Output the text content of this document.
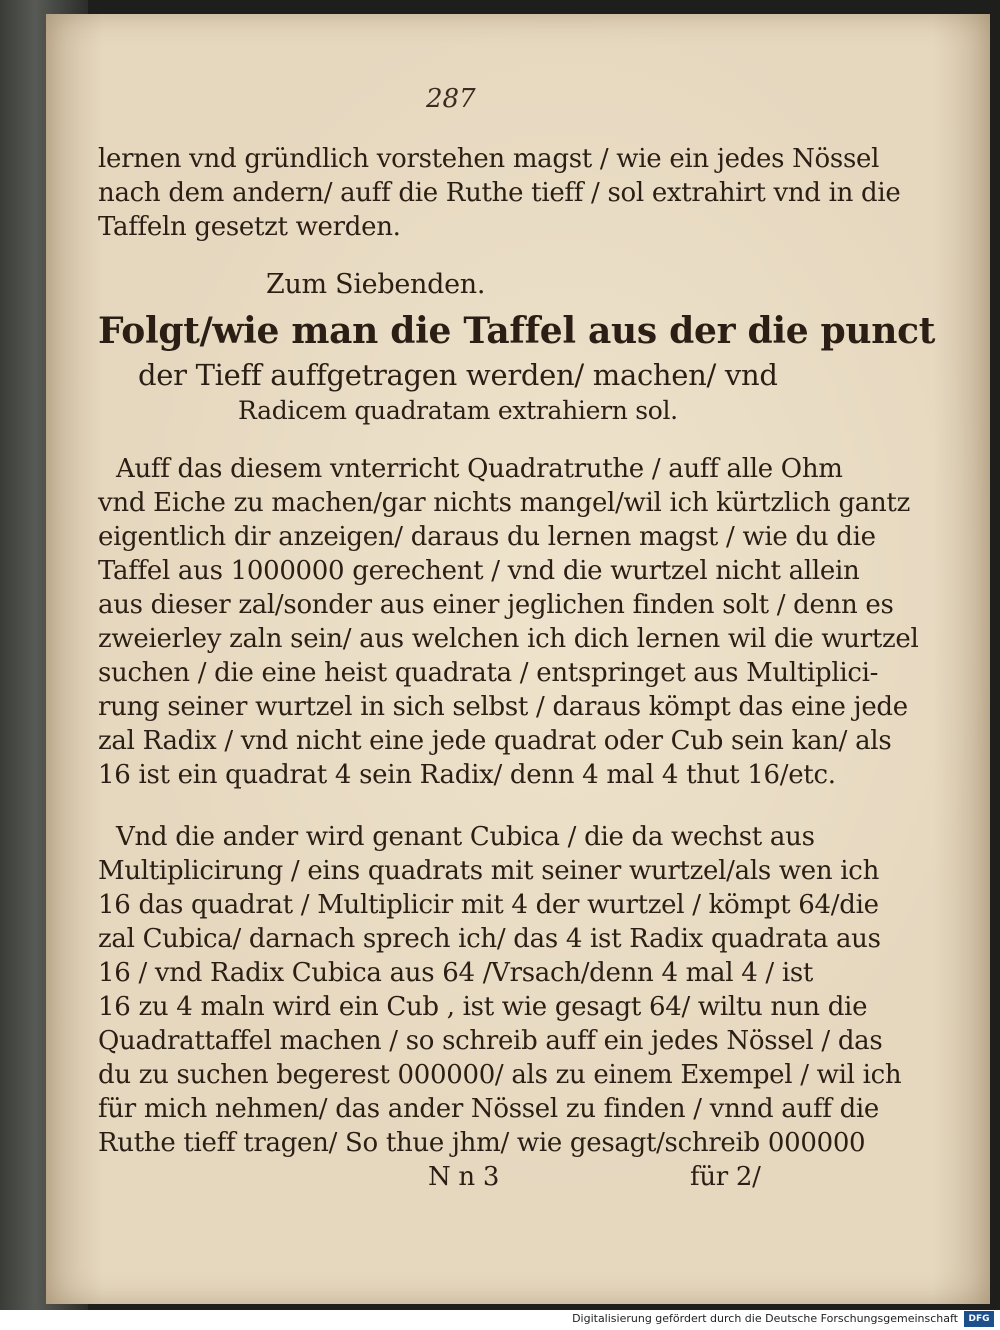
287
lernen vnd gründlich vorstehen magst / wie ein jedes Nössel
nach dem andern/ auff die Ruthe tieff / sol extrahirt vnd in die
Taffeln gesetzt werden.
Zum Siebenden.
Folgt/wie man die Taffel aus der die punct
der Tieff auffgetragen werden/ machen/ vnd
Radicem quadratam extrahiern sol.
Auff das diesem vnterricht Quadratruthe / auff alle Ohm
vnd Eiche zu machen/gar nichts mangel/wil ich kürtzlich gantz
eigentlich dir anzeigen/ daraus du lernen magst / wie du die
Taffel aus 1000000 gerechent / vnd die wurtzel nicht allein
aus dieser zal/sonder aus einer jeglichen finden solt / denn es
zweierley zaln sein/ aus welchen ich dich lernen wil die wurtzel
suchen / die eine heist quadrata / entspringet aus Multiplici-
rung seiner wurtzel in sich selbst / daraus kömpt das eine jede
zal Radix / vnd nicht eine jede quadrat oder Cub sein kan/ als
16 ist ein quadrat 4 sein Radix/ denn 4 mal 4 thut 16/etc.
Vnd die ander wird genant Cubica / die da wechst aus
Multiplicirung / eins quadrats mit seiner wurtzel/als wen ich
16 das quadrat / Multiplicir mit 4 der wurtzel / kömpt 64/die
zal Cubica/ darnach sprech ich/ das 4 ist Radix quadrata aus
16 / vnd Radix Cubica aus 64 /Vrsach/denn 4 mal 4 / ist
16 zu 4 maln wird ein Cub , ist wie gesagt 64/ wiltu nun die
Quadrattaffel machen / so schreib auff ein jedes Nössel / das
du zu suchen begerest 000000/ als zu einem Exempel / wil ich
für mich nehmen/ das ander Nössel zu finden / vnnd auff die
Ruthe tieff tragen/ So thue jhm/ wie gesagt/schreib 000000
N n 3	für 2/
Digitalisierung gefördert durch die Deutsche Forschungsgemeinschaft	DFG
